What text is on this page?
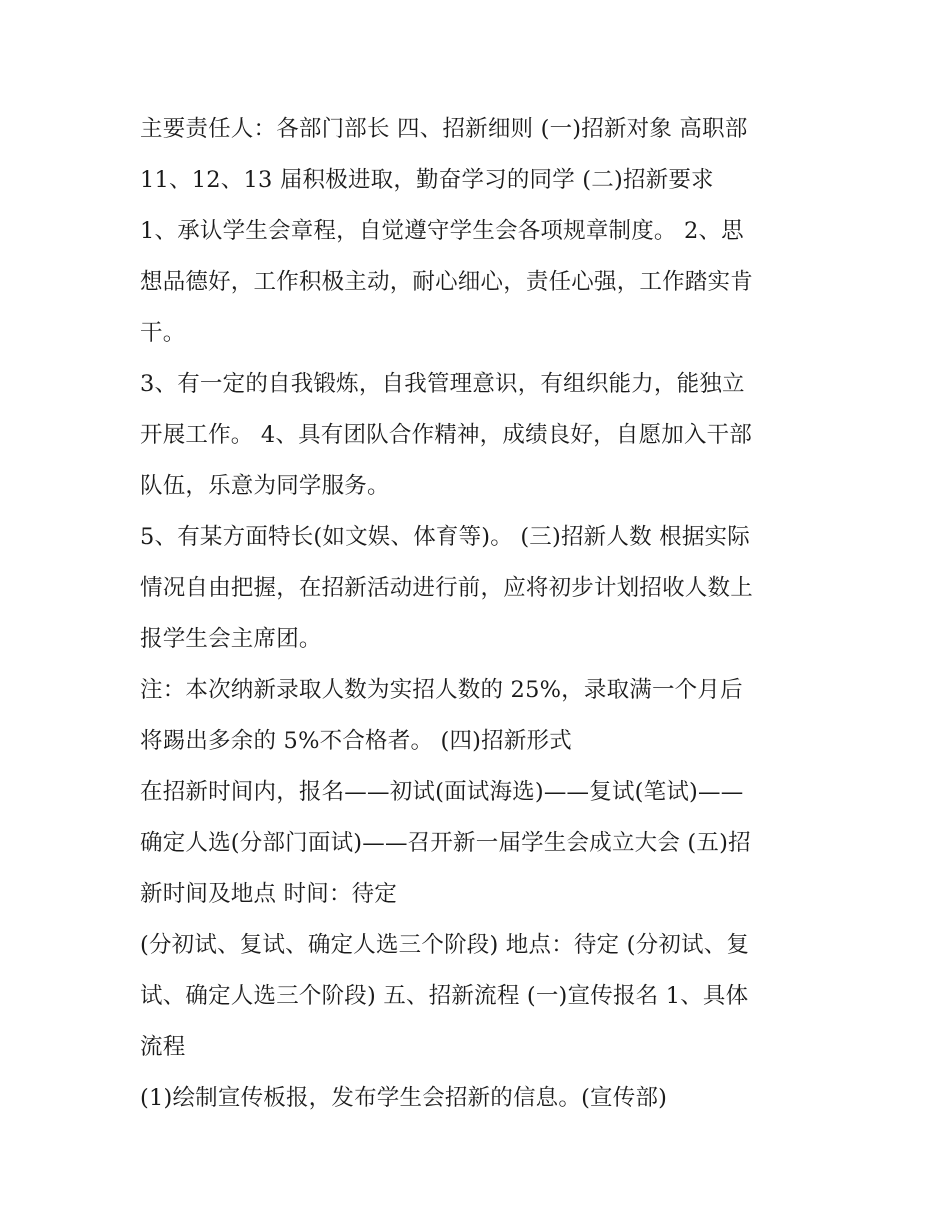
主要责任人：各部门部长 四、招新细则 (一)招新对象 高职部
11、12、13 届积极进取，勤奋学习的同学 (二)招新要求
1、承认学生会章程，自觉遵守学生会各项规章制度。 2、思
想品德好，工作积极主动，耐心细心，责任心强，工作踏实肯
干。
3、有一定的自我锻炼，自我管理意识，有组织能力，能独立
开展工作。 4、具有团队合作精神，成绩良好，自愿加入干部
队伍，乐意为同学服务。
5、有某方面特长(如文娱、体育等)。 (三)招新人数 根据实际
情况自由把握，在招新活动进行前，应将初步计划招收人数上
报学生会主席团。
注：本次纳新录取人数为实招人数的 25%，录取满一个月后
将踢出多余的 5%不合格者。 (四)招新形式
在招新时间内，报名——初试(面试海选)——复试(笔试)——
确定人选(分部门面试)——召开新一届学生会成立大会 (五)招
新时间及地点 时间：待定
(分初试、复试、确定人选三个阶段) 地点：待定 (分初试、复
试、确定人选三个阶段) 五、招新流程 (一)宣传报名 1、具体
流程
(1)绘制宣传板报，发布学生会招新的信息。(宣传部)
